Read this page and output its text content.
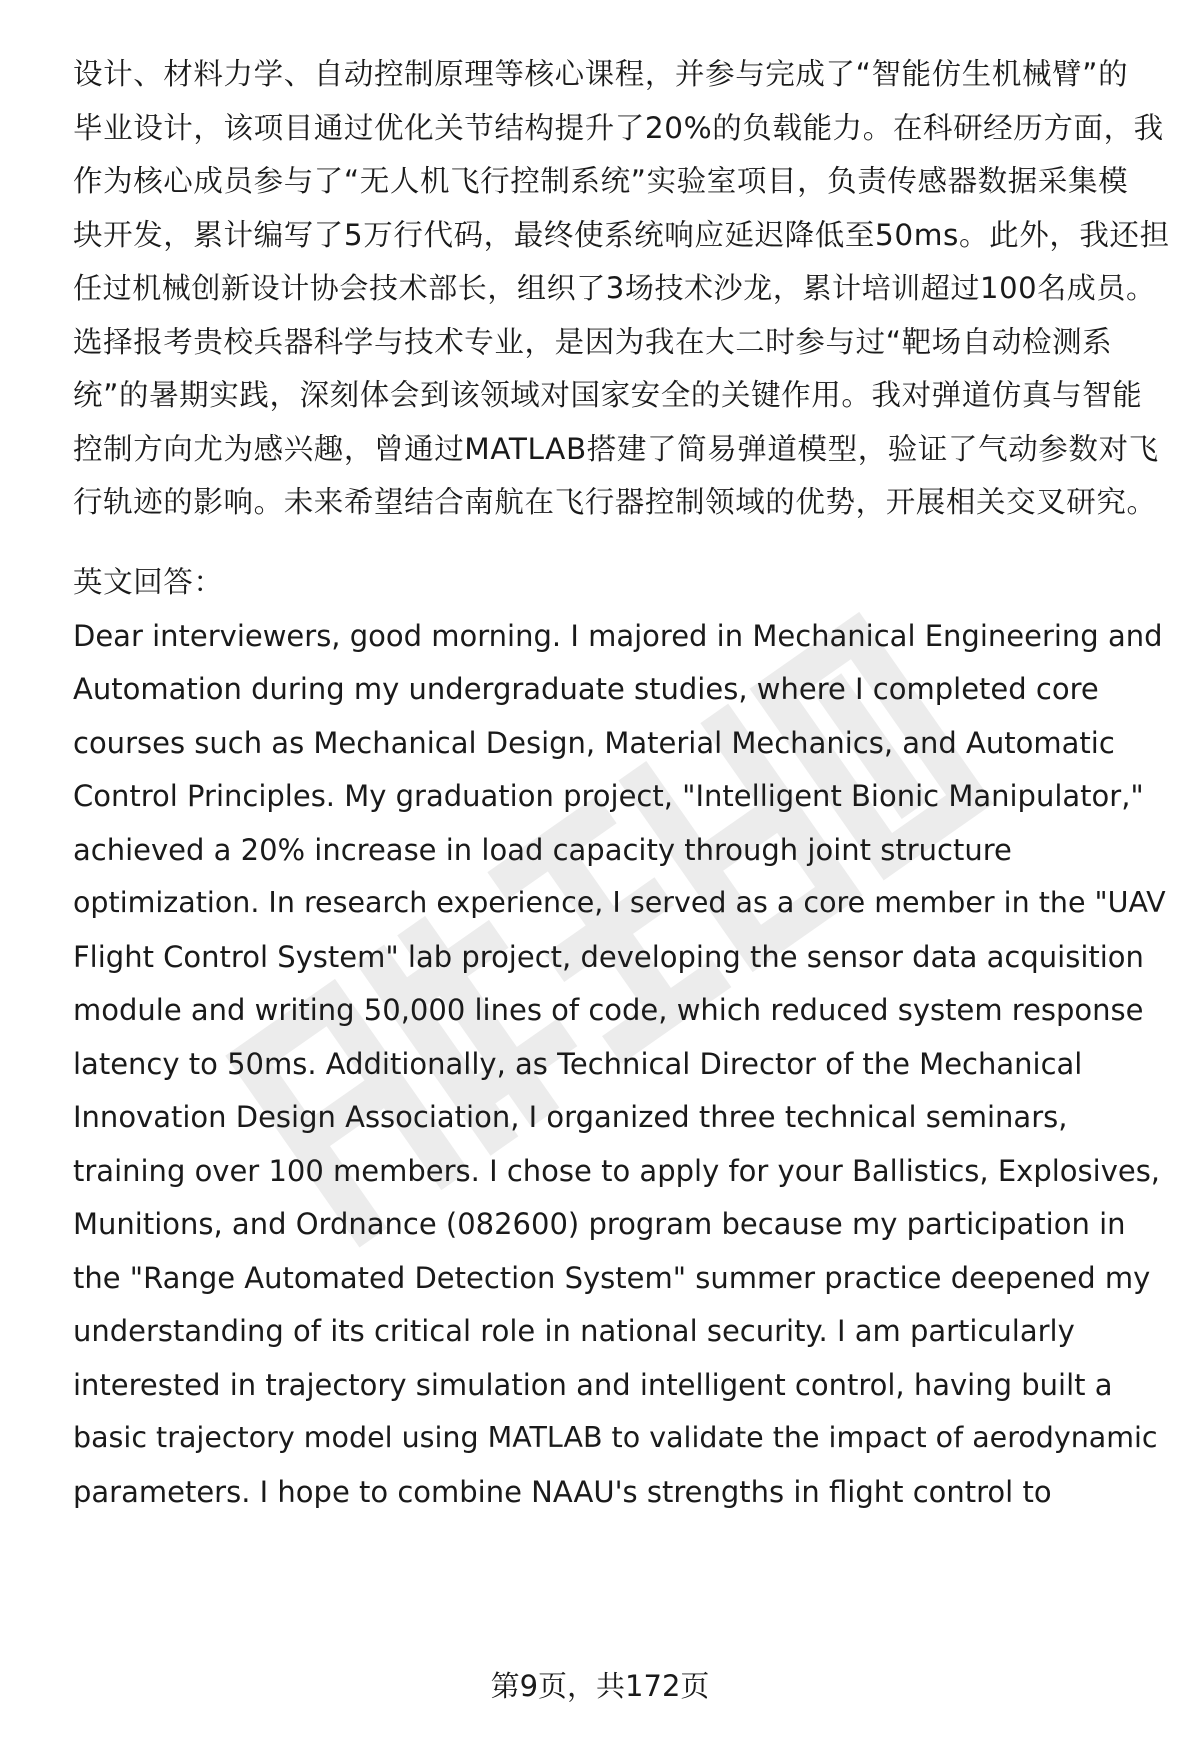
设计、材料力学、自动控制原理等核心课程，并参与完成了“智能仿生机械臂”的
毕业设计，该项目通过优化关节结构提升了20%的负载能力。在科研经历方面，我
作为核心成员参与了“无人机飞行控制系统”实验室项目，负责传感器数据采集模
块开发，累计编写了5万行代码，最终使系统响应延迟降低至50ms。此外，我还担
任过机械创新设计协会技术部长，组织了3场技术沙龙，累计培训超过100名成员。
选择报考贵校兵器科学与技术专业，是因为我在大二时参与过“靶场自动检测系
统”的暑期实践，深刻体会到该领域对国家安全的关键作用。我对弹道仿真与智能
控制方向尤为感兴趣，曾通过MATLAB搭建了简易弹道模型，验证了气动参数对飞
行轨迹的影响。未来希望结合南航在飞行器控制领域的优势，开展相关交叉研究。
英文回答：
Dear interviewers, good morning. I majored in Mechanical Engineering and
Automation during my undergraduate studies, where I completed core
courses such as Mechanical Design, Material Mechanics, and Automatic
Control Principles. My graduation project, "Intelligent Bionic Manipulator,"
achieved a 20% increase in load capacity through joint structure
optimization. In research experience, I served as a core member in the "UAV
Flight Control System" lab project, developing the sensor data acquisition
module and writing 50,000 lines of code, which reduced system response
latency to 50ms. Additionally, as Technical Director of the Mechanical
Innovation Design Association, I organized three technical seminars,
training over 100 members. I chose to apply for your Ballistics, Explosives,
Munitions, and Ordnance (082600) program because my participation in
the "Range Automated Detection System" summer practice deepened my
understanding of its critical role in national security. I am particularly
interested in trajectory simulation and intelligent control, having built a
basic trajectory model using MATLAB to validate the impact of aerodynamic
parameters. I hope to combine NAAU's strengths in flight control to
第9页，共172页
